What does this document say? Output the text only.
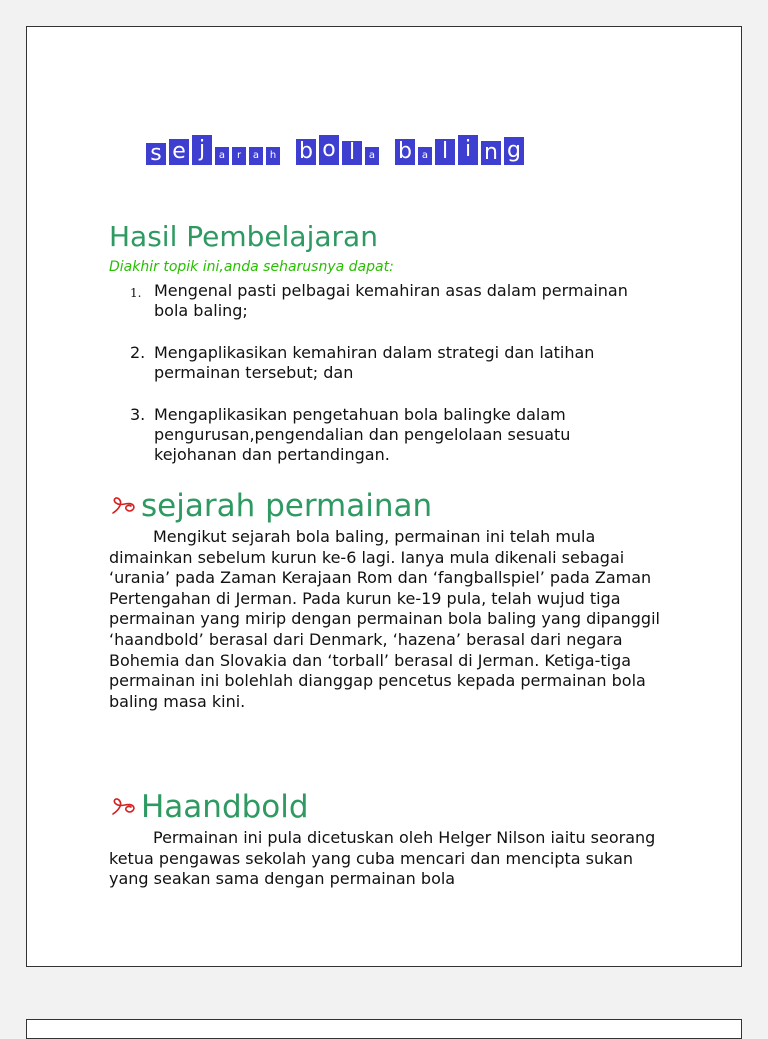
s e j	a	r	a	h b o l	a b a l i n g
Hasil Pembelajaran
Diakhir topik ini,anda seharusnya dapat:
1. Mengenal pasti pelbagai kemahiran asas dalam permainan bola baling;
2. Mengaplikasikan kemahiran dalam strategi dan latihan permainan tersebut; dan
3. Mengaplikasikan pengetahuan bola balingke dalam pengurusan,pengendalian dan pengelolaan sesuatu kejohanan dan pertandingan.
sejarah permainan
Mengikut sejarah bola baling, permainan ini telah mula dimainkan sebelum kurun ke-6 lagi. Ianya mula dikenali sebagai ‘urania’ pada Zaman Kerajaan Rom dan ‘fangballspiel’ pada Zaman Pertengahan di Jerman. Pada kurun ke-19 pula, telah wujud tiga permainan yang mirip dengan permainan bola baling yang dipanggil ‘haandbold’ berasal dari Denmark, ‘hazena’ berasal dari negara Bohemia dan Slovakia dan ‘torball’ berasal di Jerman. Ketiga-tiga permainan ini bolehlah dianggap pencetus kepada permainan bola baling masa kini.
Haandbold
Permainan ini pula dicetuskan oleh Helger Nilson iaitu seorang ketua pengawas sekolah yang cuba mencari dan mencipta sukan yang seakan sama dengan permainan bola
